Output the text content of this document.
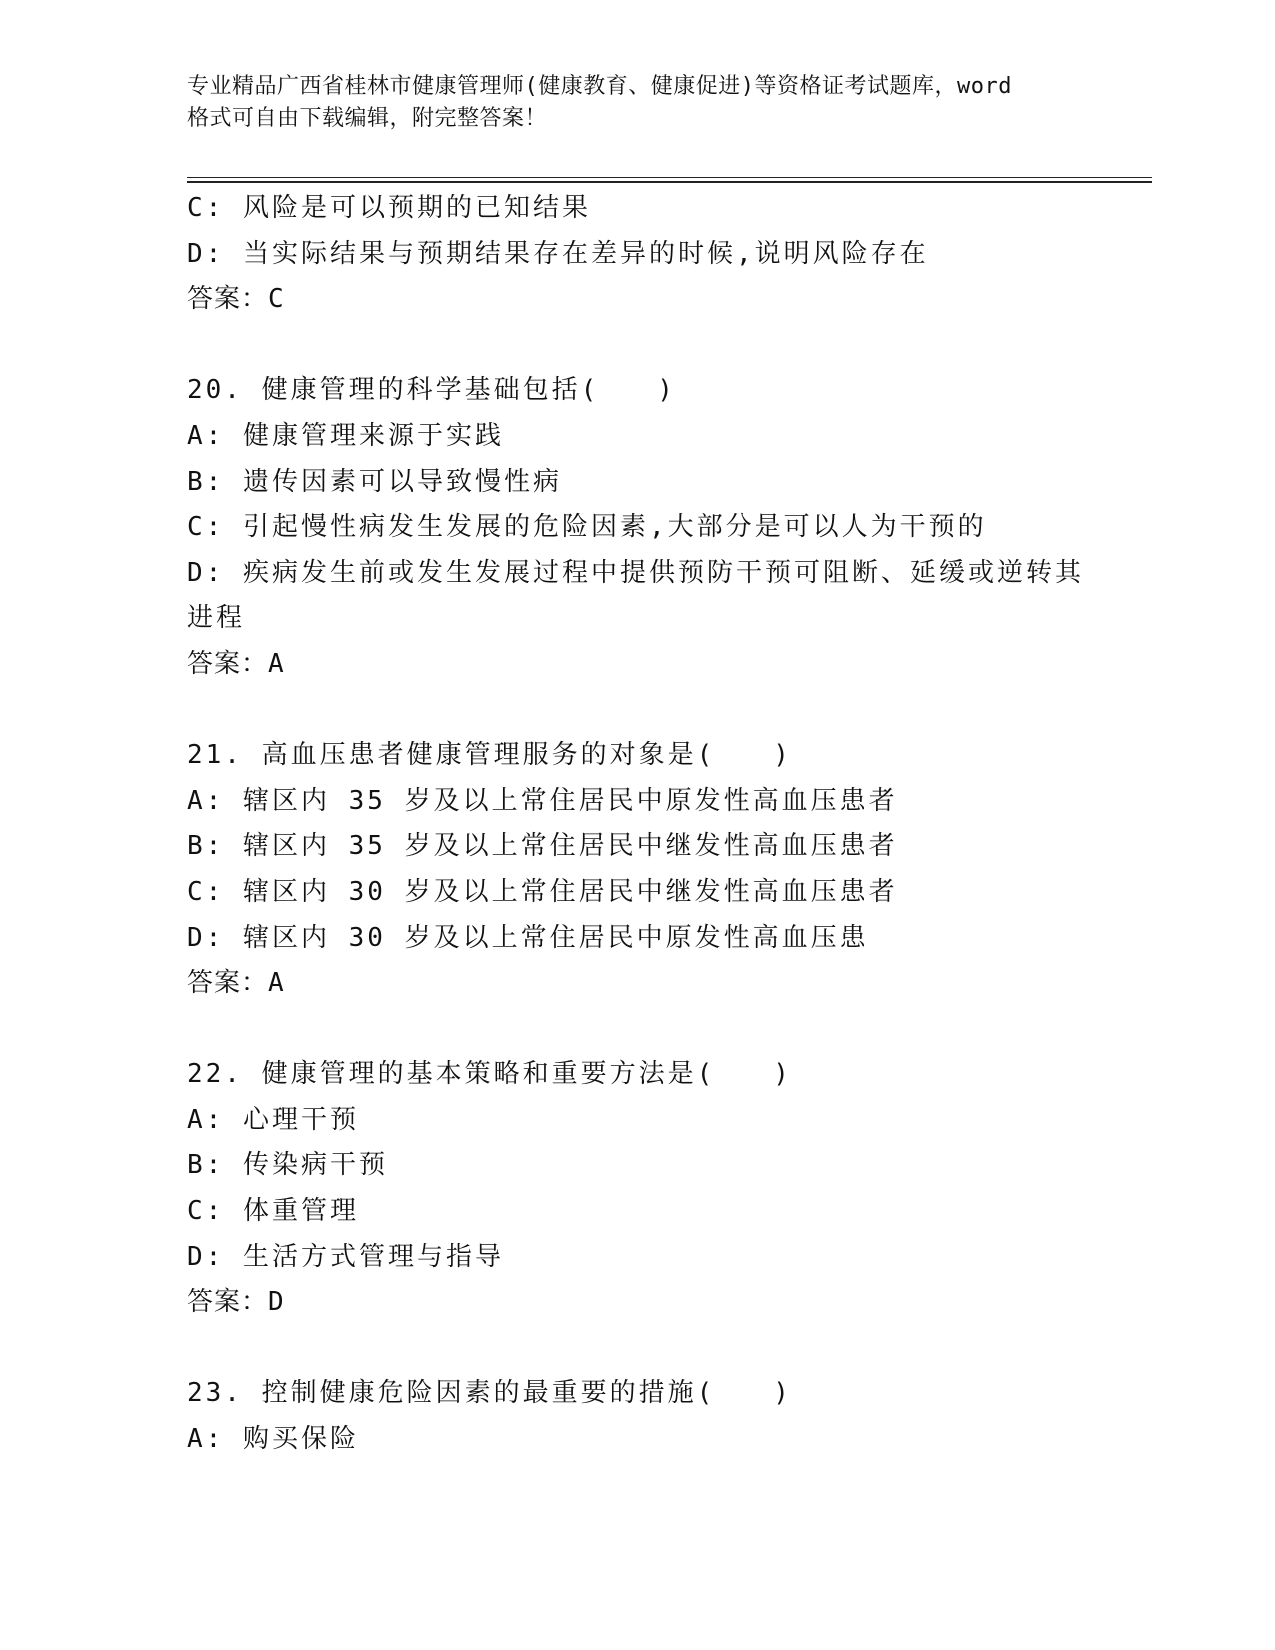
专业精品广西省桂林市健康管理师(健康教育、健康促进)等资格证考试题库，word
格式可自由下载编辑，附完整答案！
C: 风险是可以预期的已知结果
D: 当实际结果与预期结果存在差异的时候,说明风险存在
答案：C
20. 健康管理的科学基础包括(　　)
A: 健康管理来源于实践
B: 遗传因素可以导致慢性病
C: 引起慢性病发生发展的危险因素,大部分是可以人为干预的
D: 疾病发生前或发生发展过程中提供预防干预可阻断、延缓或逆转其
进程
答案：A
21. 高血压患者健康管理服务的对象是(　　)
A: 辖区内 35 岁及以上常住居民中原发性高血压患者
B: 辖区内 35 岁及以上常住居民中继发性高血压患者
C: 辖区内 30 岁及以上常住居民中继发性高血压患者
D: 辖区内 30 岁及以上常住居民中原发性高血压患
答案：A
22. 健康管理的基本策略和重要方法是(　　)
A: 心理干预
B: 传染病干预
C: 体重管理
D: 生活方式管理与指导
答案：D
23. 控制健康危险因素的最重要的措施(　　)
A: 购买保险
